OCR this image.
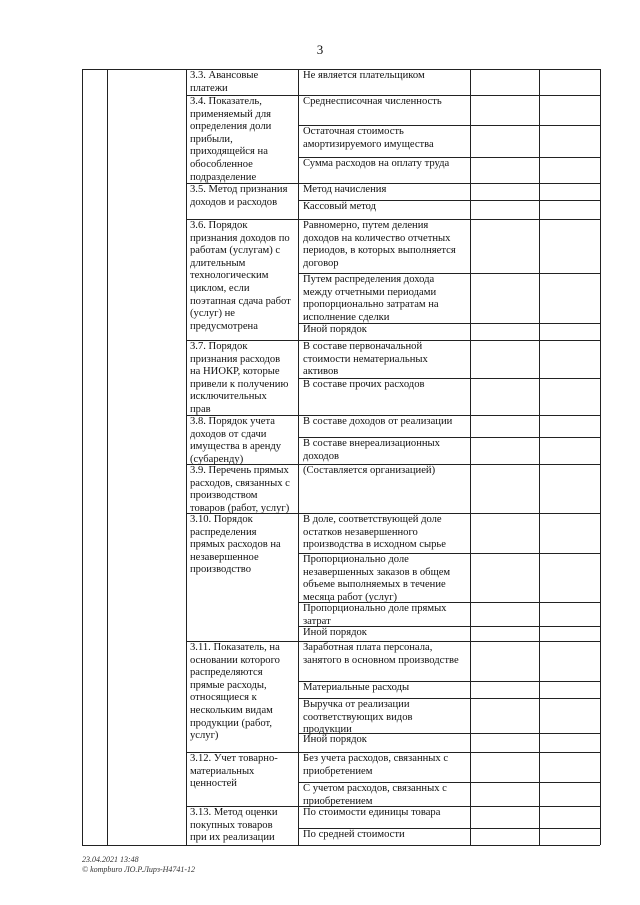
3
3.3. Авансовые
платежи
Не является плательщиком
3.4. Показатель,
применяемый для
определения доли
прибыли,
приходящейся на
обособленное
подразделение
Среднесписочная численность
Остаточная стоимость
амортизируемого имущества
Сумма расходов на оплату труда
3.5. Метод признания
доходов и расходов
Метод начисления
Кассовый метод
3.6. Порядок
признания доходов по
работам (услугам) с
длительным
технологическим
циклом, если
поэтапная сдача работ
(услуг) не
предусмотрена
Равномерно, путем деления
доходов на количество отчетных
периодов, в которых выполняется
договор
Путем распределения дохода
между отчетными периодами
пропорционально затратам на
исполнение сделки
Иной порядок
3.7. Порядок
признания расходов
на НИОКР, которые
привели к получению
исключительных
прав
В составе первоначальной
стоимости нематериальных
активов
В составе прочих расходов
3.8. Порядок учета
доходов от сдачи
имущества в аренду
(субаренду)
В составе доходов от реализации
В составе внереализационных
доходов
3.9. Перечень прямых
расходов, связанных с
производством
товаров (работ, услуг)
(Составляется организацией)
3.10. Порядок
распределения
прямых расходов на
незавершенное
производство
В доле, соответствующей доле
остатков незавершенного
производства в исходном сырье
Пропорционально доле
незавершенных заказов в общем
объеме выполняемых в течение
месяца работ (услуг)
Пропорционально доле прямых
затрат
Иной порядок
3.11. Показатель, на
основании которого
распределяются
прямые расходы,
относящиеся к
нескольким видам
продукции (работ,
услуг)
Заработная плата персонала,
занятого в основном производстве
Материальные расходы
Выручка от реализации
соответствующих видов
продукции
Иной порядок
3.12. Учет товарно-
материальных
ценностей
Без учета расходов, связанных с
приобретением
С учетом расходов, связанных с
приобретением
3.13. Метод оценки
покупных товаров
при их реализации
По стоимости единицы товара
По средней стоимости
23.04.2021 13:48
© kompburo ЛО.Р.Лирз-Н4741-12
